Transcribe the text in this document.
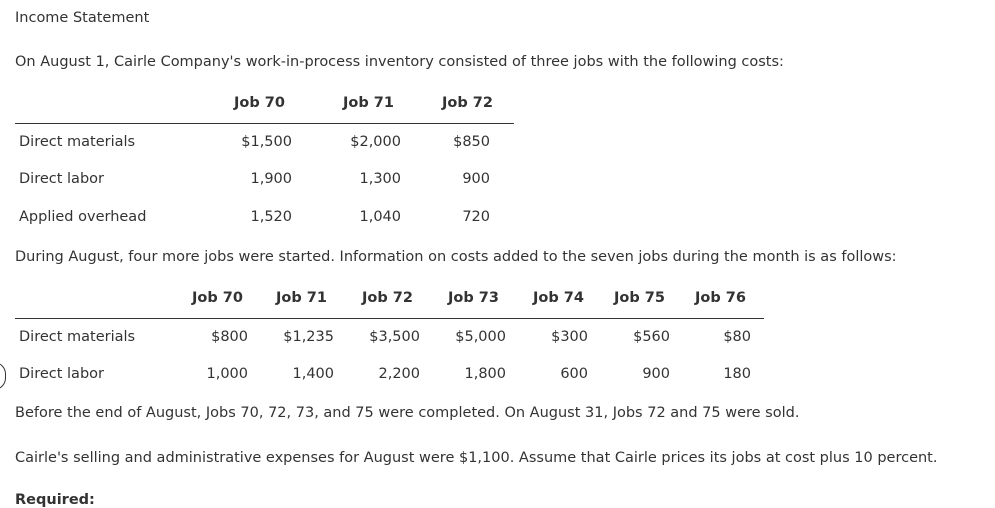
Income Statement
On August 1, Cairle Company's work-in-process inventory consisted of three jobs with the following costs:
Job 70	Job 71	Job 72
Direct materials	$1,500	$2,000	$850
Direct labor	1,900	1,300	900
Applied overhead	1,520	1,040	720
During August, four more jobs were started. Information on costs added to the seven jobs during the month is as follows:
Job 70 Job 71 Job 72 Job 73 Job 74 Job 75 Job 76
Direct materials	$800	$1,235	$3,500	$5,000	$300	$560	$80
Direct labor	1,000	1,400	2,200	1,800	600	900	180
Before the end of August, Jobs 70, 72, 73, and 75 were completed. On August 31, Jobs 72 and 75 were sold.
Cairle's selling and administrative expenses for August were $1,100. Assume that Cairle prices its jobs at cost plus 10 percent.
Required:
